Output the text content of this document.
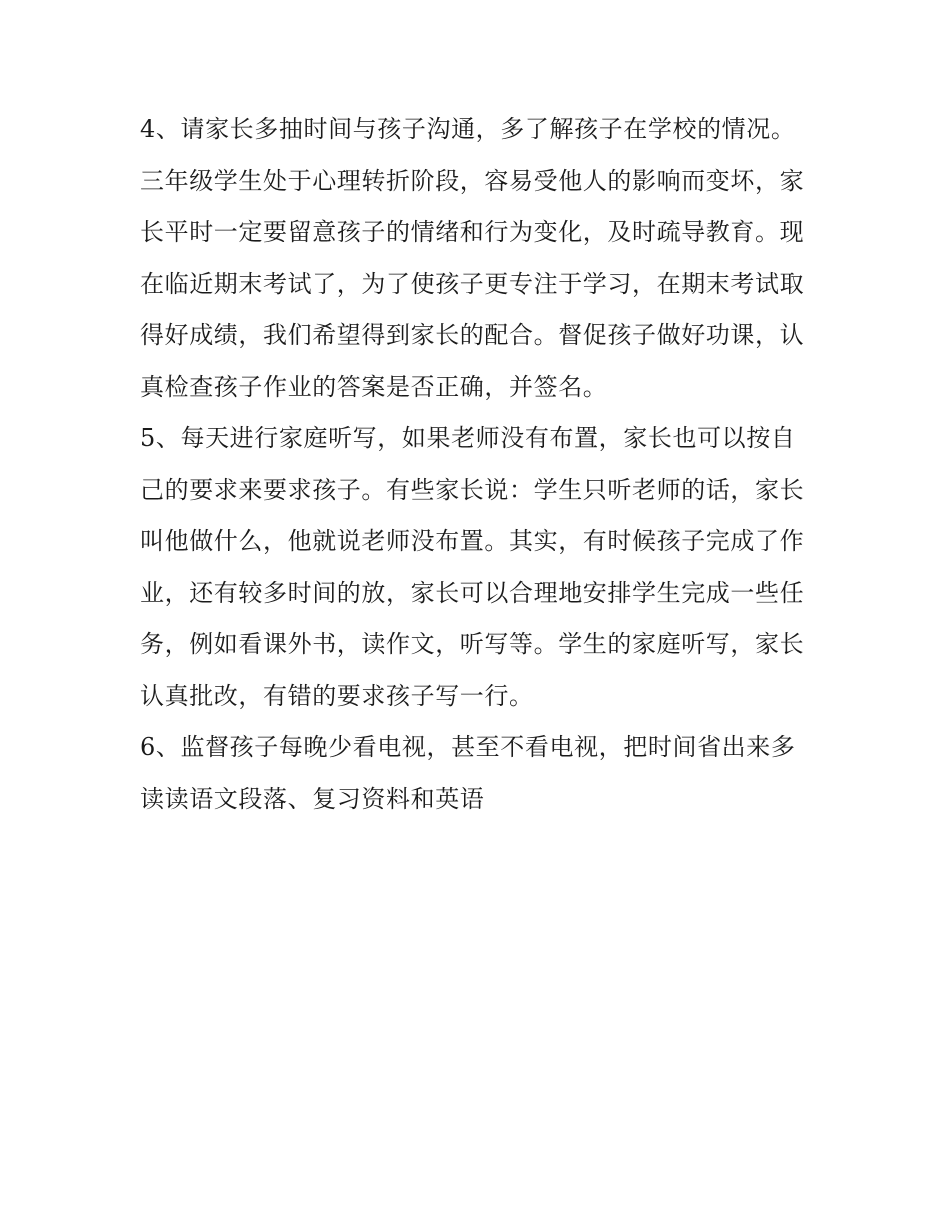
4、请家长多抽时间与孩子沟通，多了解孩子在学校的情况。
三年级学生处于心理转折阶段，容易受他人的影响而变坏，家
长平时一定要留意孩子的情绪和行为变化，及时疏导教育。现
在临近期末考试了，为了使孩子更专注于学习，在期末考试取
得好成绩，我们希望得到家长的配合。督促孩子做好功课，认
真检查孩子作业的答案是否正确，并签名。
5、每天进行家庭听写，如果老师没有布置，家长也可以按自
己的要求来要求孩子。有些家长说：学生只听老师的话，家长
叫他做什么，他就说老师没布置。其实，有时候孩子完成了作
业，还有较多时间的放，家长可以合理地安排学生完成一些任
务，例如看课外书，读作文，听写等。学生的家庭听写，家长
认真批改，有错的要求孩子写一行。
6、监督孩子每晚少看电视，甚至不看电视，把时间省出来多
读读语文段落、复习资料和英语
